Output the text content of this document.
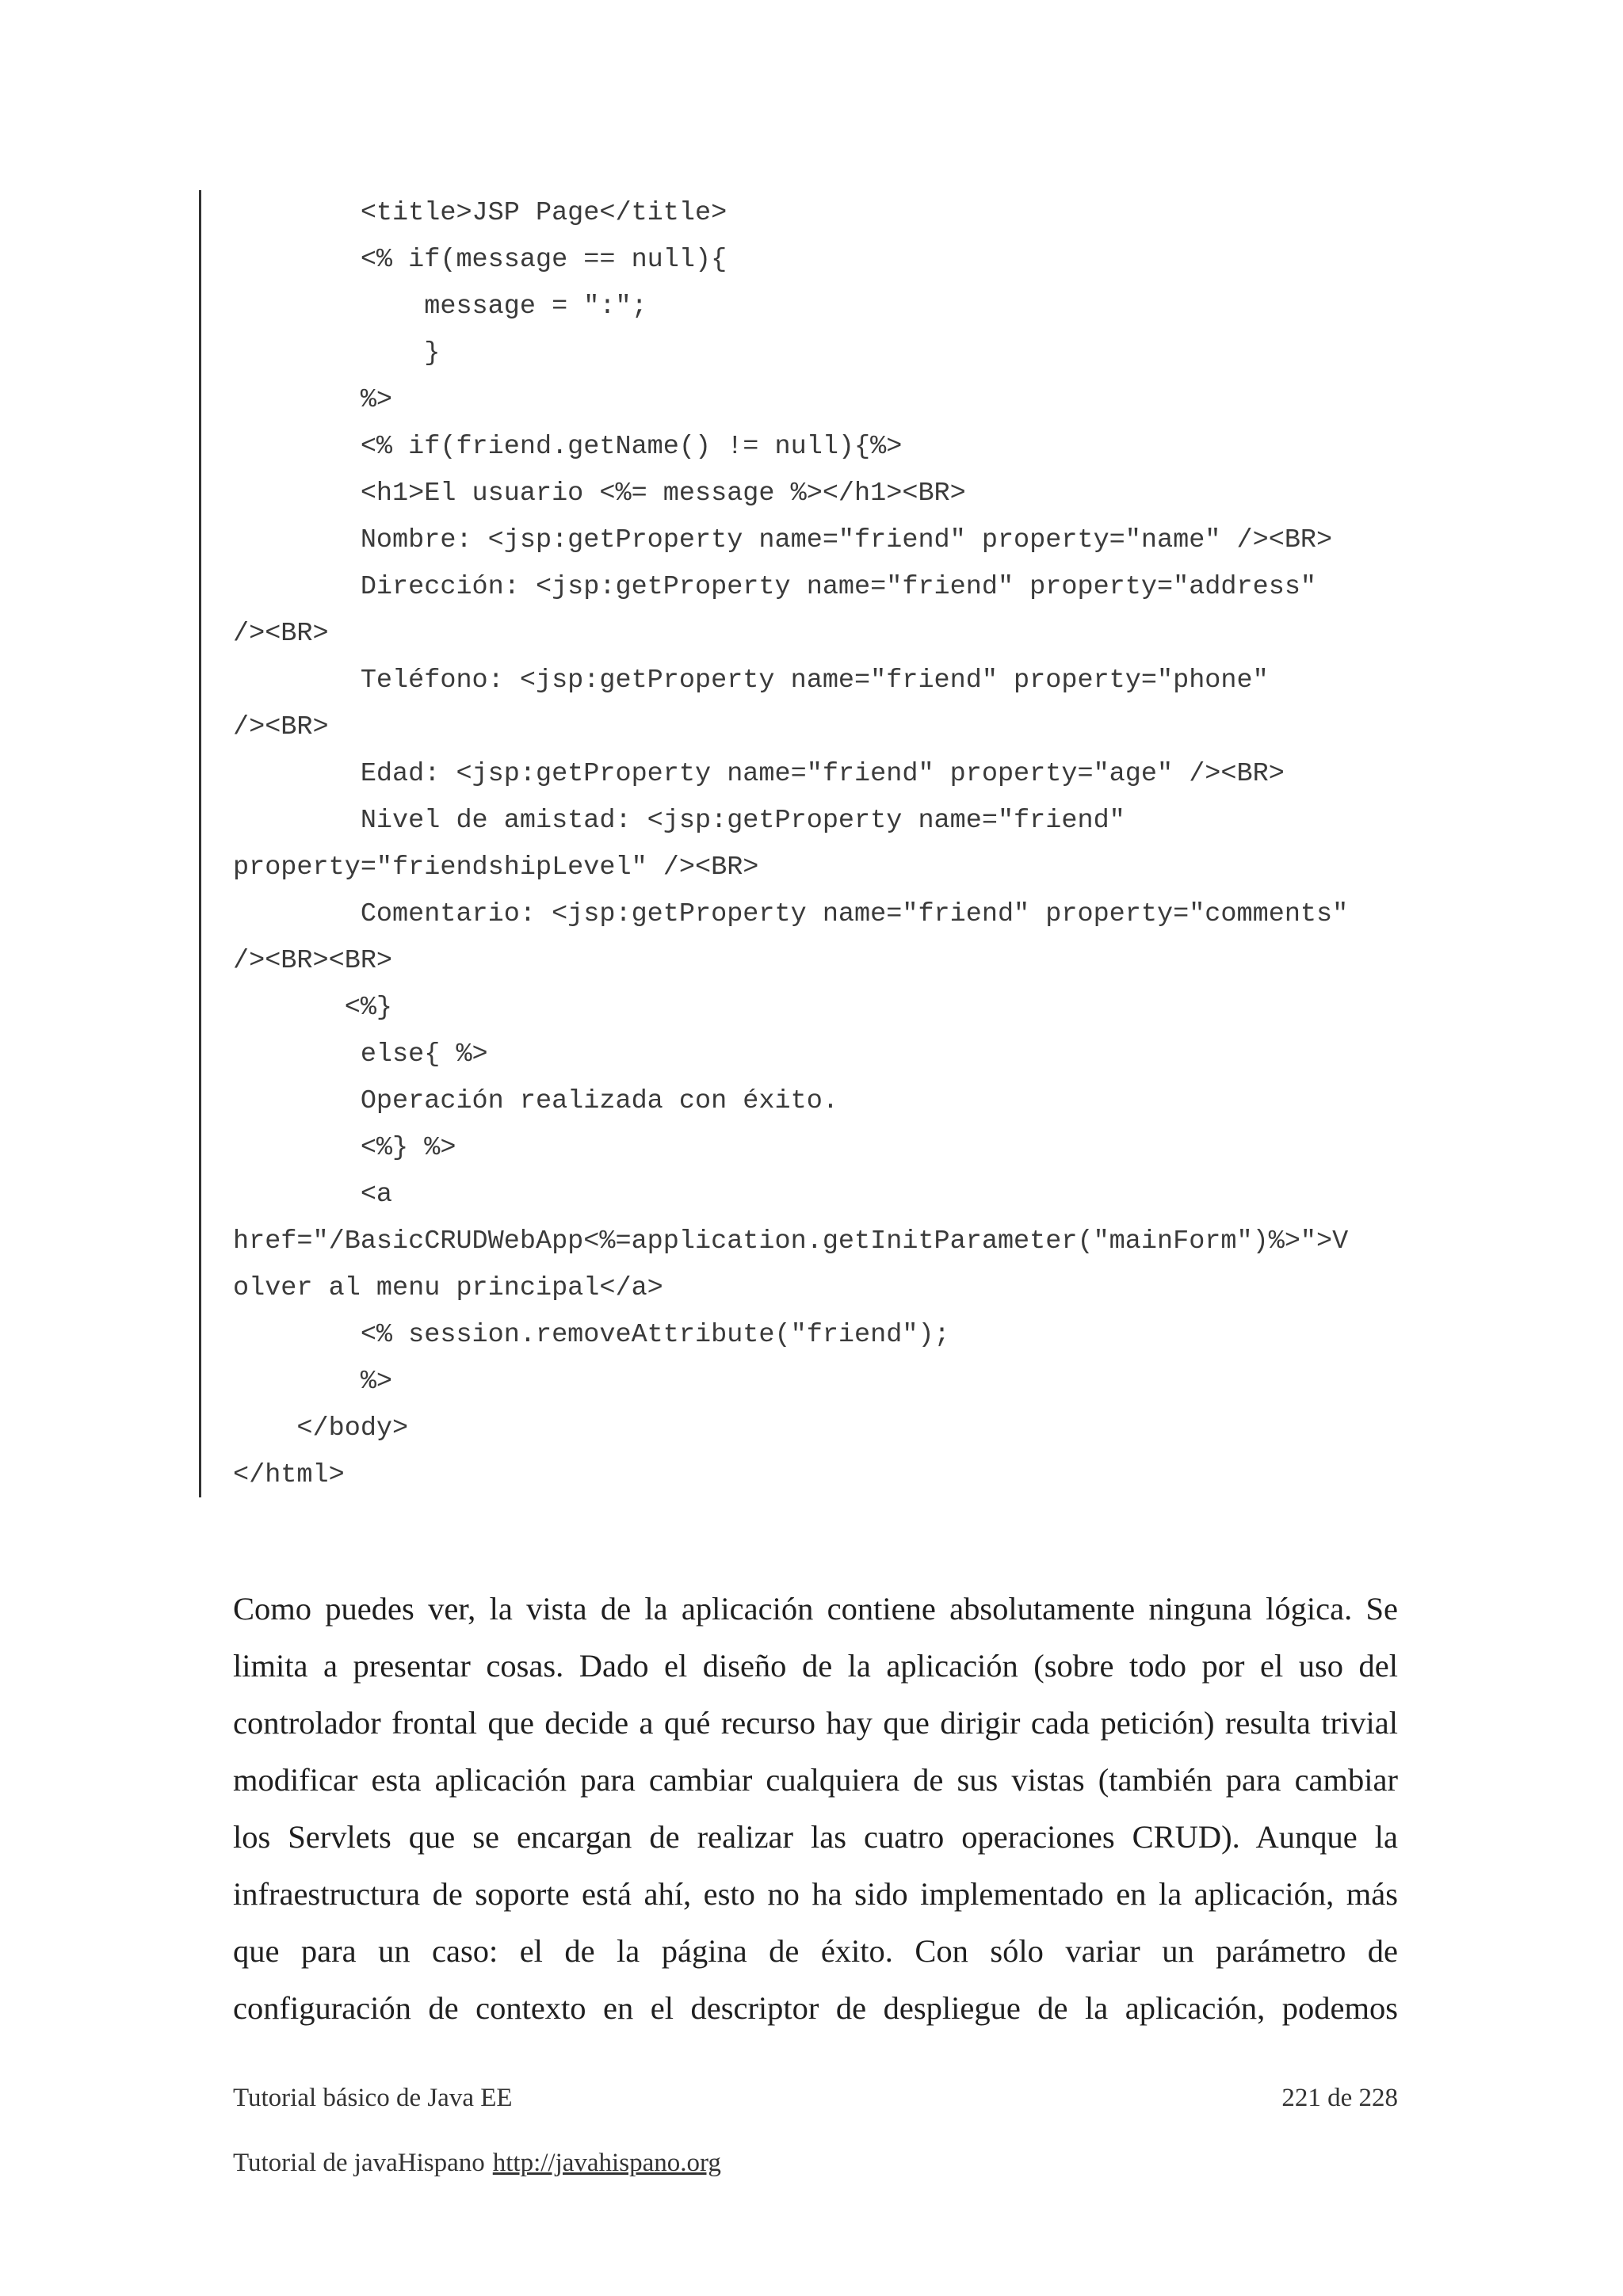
<title>JSP Page</title>
<% if(message == null){
message = ":";
}
%>
<% if(friend.getName() != null){%>
<h1>El usuario <%= message %></h1><BR>
Nombre: <jsp:getProperty name="friend" property="name" /><BR>
Dirección: <jsp:getProperty name="friend" property="address"
/><BR>
Teléfono: <jsp:getProperty name="friend" property="phone"
/><BR>
Edad: <jsp:getProperty name="friend" property="age" /><BR>
Nivel de amistad: <jsp:getProperty name="friend"
property="friendshipLevel" /><BR>
Comentario: <jsp:getProperty name="friend" property="comments"
/><BR><BR>
<%}
else{ %>
Operación realizada con éxito.
<%} %>
<a
href="/BasicCRUDWebApp<%=application.getInitParameter("mainForm")%>">V
olver al menu principal</a>
<% session.removeAttribute("friend");
%>
</body>
</html>
Como puedes ver, la vista de la aplicación contiene absolutamente ninguna lógica. Se
limita a presentar cosas. Dado el diseño de la aplicación (sobre todo por el uso del
controlador frontal que decide a qué recurso hay que dirigir cada petición) resulta trivial
modificar esta aplicación para cambiar cualquiera de sus vistas (también para cambiar
los Servlets que se encargan de realizar las cuatro operaciones CRUD). Aunque la
infraestructura de soporte está ahí, esto no ha sido implementado en la aplicación, más
que para un caso: el de la página de éxito. Con sólo variar un parámetro de
configuración de contexto en el descriptor de despliegue de la aplicación, podemos
Tutorial básico de Java EE	221 de 228
Tutorial de javaHispano http://javahispano.org
